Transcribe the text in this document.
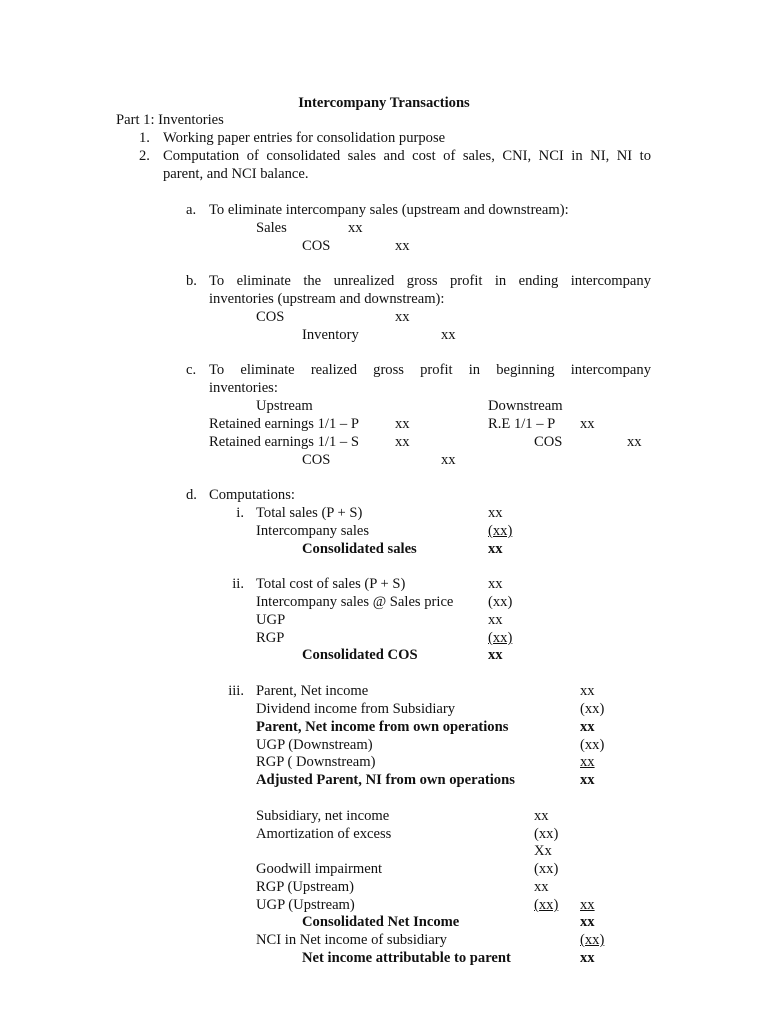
Intercompany Transactions
Part 1: Inventories
1. Working paper entries for consolidation purpose
2. Computation of consolidated sales and cost of sales, CNI, NCI in NI, NI to
parent, and NCI balance.
a. To eliminate intercompany sales (upstream and downstream):
Sales	xx
COS	xx
b. To eliminate the unrealized gross profit in ending intercompany
inventories (upstream and downstream):
COS	xx
Inventory	xx
c. To eliminate realized gross profit in beginning intercompany
inventories:
Upstream	Downstream
Retained earnings 1/1 – P xx	R.E 1/1 – P xx
Retained earnings 1/1 – S xx	COS	xx
COS	xx
d. Computations:
i. Total sales (P + S)	xx
Intercompany sales	(xx)
Consolidated sales	xx
ii. Total cost of sales (P + S)	xx
Intercompany sales @ Sales price (xx)
UGP	xx
RGP	(xx)
Consolidated COS	xx
iii. Parent, Net income	xx
Dividend income from Subsidiary	(xx)
Parent, Net income from own operations	xx
UGP (Downstream)	(xx)
RGP ( Downstream)	xx
Adjusted Parent, NI from own operations	xx
Subsidiary, net income	xx
Amortization of excess	(xx)
Xx
Goodwill impairment	(xx)
RGP (Upstream)	xx
UGP (Upstream)	(xx) xx
Consolidated Net Income	xx
NCI in Net income of subsidiary	(xx)
Net income attributable to parent	xx
